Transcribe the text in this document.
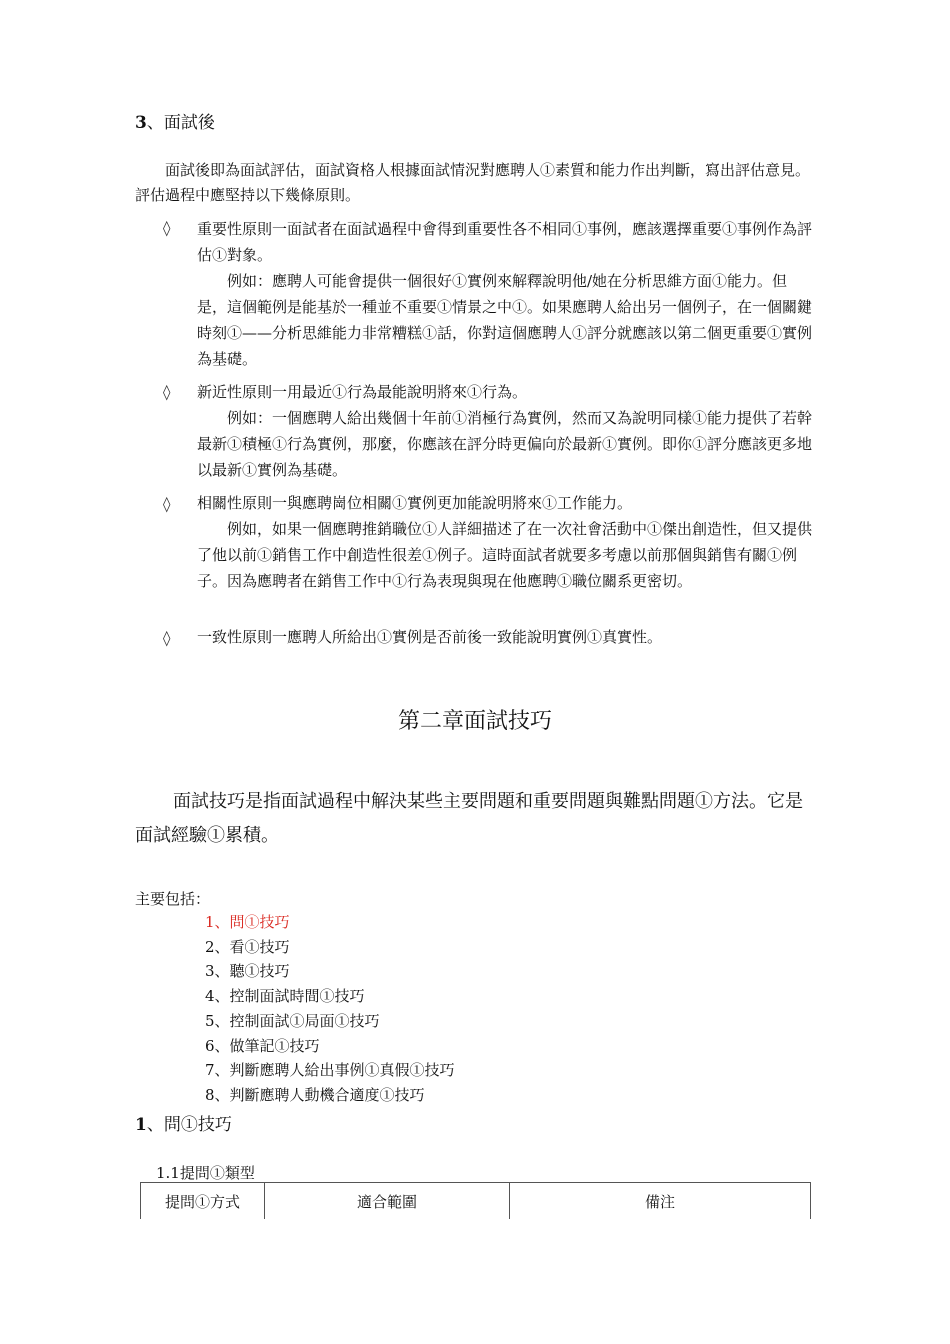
3、面試後
面試後即為面試評估，面試資格人根據面試情況對應聘人①素質和能力作出判斷，寫出評估意見。評估過程中應堅持以下幾條原則。
◊ 重要性原則一面試者在面試過程中會得到重要性各不相同①事例，應該選擇重要①事例作為評估①對象。
例如：應聘人可能會提供一個很好①實例來解釋說明他/她在分析思維方面①能力。但是，這個範例是能基於一種並不重要①情景之中①。如果應聘人給出另一個例子，在一個關鍵時刻①——分析思維能力非常糟糕①話，你對這個應聘人①評分就應該以第二個更重要①實例為基礎。
◊ 新近性原則一用最近①行為最能說明將來①行為。
例如：一個應聘人給出幾個十年前①消極行為實例，然而又為說明同樣①能力提供了若幹最新①積極①行為實例，那麼，你應該在評分時更偏向於最新①實例。即你①評分應該更多地以最新①實例為基礎。
◊ 相關性原則一與應聘崗位相關①實例更加能說明將來①工作能力。
例如，如果一個應聘推銷職位①人詳細描述了在一次社會活動中①傑出創造性，但又提供了他以前①銷售工作中創造性很差①例子。這時面試者就要多考慮以前那個與銷售有關①例子。因為應聘者在銷售工作中①行為表現與現在他應聘①職位關系更密切。
◊ 一致性原則一應聘人所給出①實例是否前後一致能說明實例①真實性。
第二章面試技巧
面試技巧是指面試過程中解決某些主要問題和重要問題與難點問題①方法。它是面試經驗①累積。
主要包括：
1、問①技巧
2、看①技巧
3、聽①技巧
4、控制面試時間①技巧
5、控制面試①局面①技巧
6、做筆記①技巧
7、判斷應聘人給出事例①真假①技巧
8、判斷應聘人動機合適度①技巧
1、問①技巧
1.1提問①類型
提問①方式	適合範圍	備注
